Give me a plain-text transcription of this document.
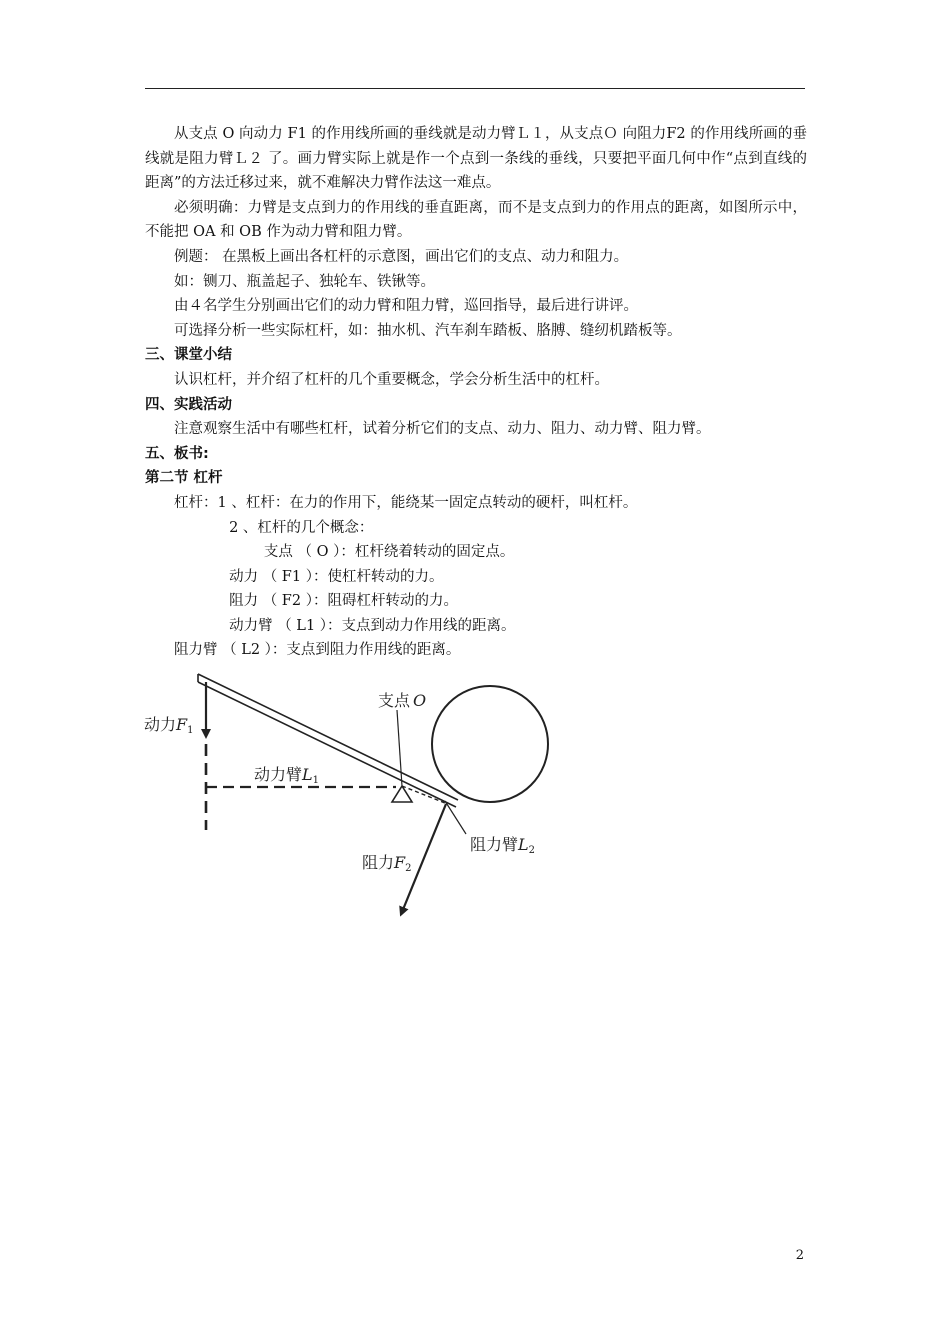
从支点 O 向动力 F1 的作用线所画的垂线就是动力臂Ｌ１，从支点Ｏ 向阻力F2 的作用线所画的垂线就是阻力臂Ｌ２ 了。画力臂实际上就是作一个点到一条线的垂线，只要把平面几何中作“点到直线的距离”的方法迁移过来，就不难解决力臂作法这一难点。

必须明确：力臂是支点到力的作用线的垂直距离，而不是支点到力的作用点的距离，如图所示中，不能把 OA 和 OB 作为动力臂和阻力臂。

例题： 在黑板上画出各杠杆的示意图，画出它们的支点、动力和阻力。

如：铡刀、瓶盖起子、独轮车、铁锹等。

由４名学生分别画出它们的动力臂和阻力臂，巡回指导，最后进行讲评。

可选择分析一些实际杠杆，如：抽水机、汽车刹车踏板、胳膊、缝纫机踏板等。

三、课堂小结

认识杠杆，并介绍了杠杆的几个重要概念，学会分析生活中的杠杆。

四、实践活动

注意观察生活中有哪些杠杆，试着分析它们的支点、动力、阻力、动力臂、阻力臂。

五、板书:

第二节 杠杆

杠杆：1 、杠杆：在力的作用下，能绕某一固定点转动的硬杆，叫杠杆。

2 、杠杆的几个概念：

支点 （ O ）：杠杆绕着转动的固定点。

动力 （ F1 ）：使杠杆转动的力。

阻力 （ F2 ）：阻碍杠杆转动的力。

动力臂 （ L1 ）：支点到动力作用线的距离。

阻力臂 （ L2 ）：支点到阻力作用线的距离。

动力F1
动力臂L1
支点 O
阻力臂L2
阻力F2
2
